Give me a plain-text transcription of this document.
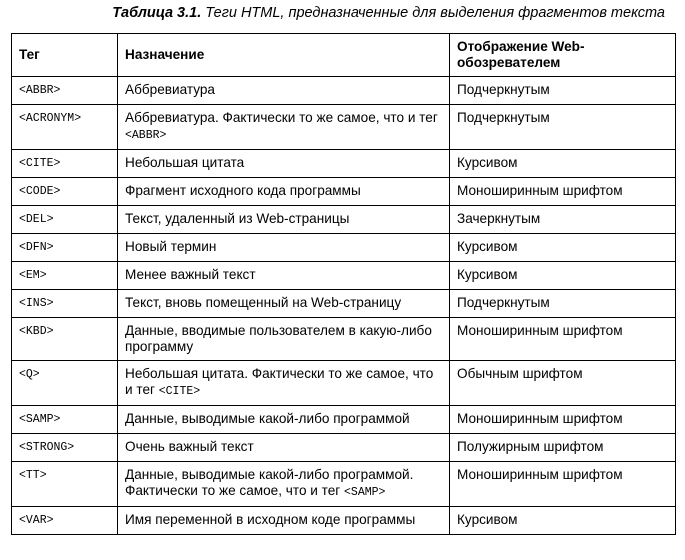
Таблица 3.1. Теги HTML, предназначенные для выделения фрагментов текста
Тег	Назначение	Отображение Web-обозревателем
<ABBR>	Аббревиатура	Подчеркнутым
<ACRONYM>	Аббревиатура. Фактически то же самое, что и тег <ABBR>	Подчеркнутым
<CITE>	Небольшая цитата	Курсивом
<CODE>	Фрагмент исходного кода программы	Моноширинным шрифтом
<DEL>	Текст, удаленный из Web-страницы	Зачеркнутым
<DFN>	Новый термин	Курсивом
<EM>	Менее важный текст	Курсивом
<INS>	Текст, вновь помещенный на Web-страницу	Подчеркнутым
<KBD>	Данные, вводимые пользователем в какую-либо программу	Моноширинным шрифтом
<Q>	Небольшая цитата. Фактически то же самое, что и тег <CITE>	Обычным шрифтом
<SAMP>	Данные, выводимые какой-либо программой	Моноширинным шрифтом
<STRONG>	Очень важный текст	Полужирным шрифтом
<TT>	Данные, выводимые какой-либо программой. Фактически то же самое, что и тег <SAMP>	Моноширинным шрифтом
<VAR>	Имя переменной в исходном коде программы	Курсивом
